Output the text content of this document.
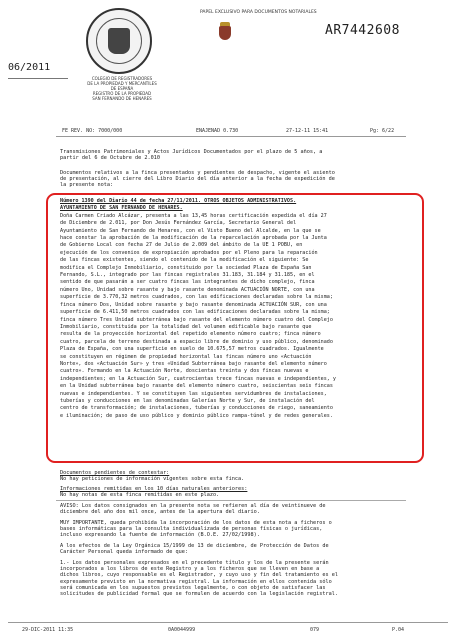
COLEGIO DE REGISTRADORES
DE LA PROPIEDAD Y MERCANTILES
DE ESPAÑA
REGISTRO DE LA PROPIEDAD
SAN FERNANDO DE HENARES
PAPEL EXCLUSIVO PARA DOCUMENTOS NOTARIALES
AR7442608
06/2011
FE REV. NO: 7000/000	ENAJENAD 0.730	27-12-11 15:41	Pg: 6/22
Transmisiones Patrimoniales y Actos Jurídicos Documentados por el plazo de 5 años, a
partir del 6 de Octubre de 2.010
Documentos relativos a la finca presentados y pendientes de despacho, vigente el asiento
de presentación, al cierre del Libro Diario del día anterior a la fecha de expedición de
la presente nota:
Número 1390 del Diario 44 de fecha 27/11/2011. OTROS OBJETOS ADMINISTRATIVOS.
AYUNTAMIENTO DE SAN FERNANDO DE HENARES.
Doña Carmen Criado Alcázar, presenta a las 13,45 horas certificación expedida el día 27
de Diciembre de 2.011, por Don Jesús Fernández García, Secretario General del
Ayuntamiento de San Fernando de Henares, con el Visto Bueno del Alcalde, en la que se
hace constar la aprobación de la modificación de la reparcelación aprobada por la Junta
de Gobierno Local con fecha 27 de Julio de 2.009 del ámbito de la UE 1 POBU, en
ejecución de los convenios de expropiación aprobados por el Pleno para la reparación
de las fincas existentes, siendo el contenido de la modificación el siguiente: Se
modifica el Complejo Inmobiliario, constituido por la sociedad Plaza de España San
Fernando, S.L., integrado por las fincas registrales 31.183, 31.184 y 31.185, en el
sentido de que pasarán a ser cuatro fincas las integrantes de dicho complejo, finca
número Uno, Unidad sobre rasante y bajo rasante denominada ACTUACIÓN NORTE, con una
superficie de 3.770,32 metros cuadrados, con las edificaciones declaradas sobre la misma;
finca número Dos, Unidad sobre rasante y bajo rasante denominada ACTUACIÓN SUR, con una
superficie de 6.411,50 metros cuadrados con las edificaciones declaradas sobre la misma;
finca número Tres Unidad subterránea bajo rasante del elemento número cuatro del Complejo
Inmobiliario, constituida por la totalidad del volumen edificable bajo rasante que
resulta de la proyección horizontal del repetido elemento número cuatro; finca número
cuatro, parcela de terreno destinada a espacio libre de dominio y uso público, denominado
Plaza de España, con una superficie en suelo de 10.675,57 metros cuadrados. Igualmente
se constituyen en régimen de propiedad horizontal las fincas número uno «Actuación
Norte», dos «Actuación Sur» y tres «Unidad Subterránea bajo rasante del elemento número
cuatro». Formando en la Actuación Norte, doscientas treinta y dos fincas nuevas e
independientes; en la Actuación Sur, cuatrocientas trece fincas nuevas e independientes, y
en la Unidad subterránea bajo rasante del elemento número cuatro, seiscientas seis fincas
nuevas e independientes. Y se constituyen las siguientes servidumbres de instalaciones,
tuberías y conducciones en las denominadas Galerías Norte y Sur, de instalación del
centro de transformación; de instalaciones, tuberías y conducciones de riego, saneamiento
e iluminación; de paso de uso público y dominio público rampa-túnel y de redes generales.
Documentos pendientes de contestar:
No hay peticiones de información vigentes sobre esta finca.
Informaciones remitidas en los 10 días naturales anteriores:
No hay notas de esta finca remitidas en este plazo.
AVISO: Los datos consignados en la presente nota se refieren al día de veintinueve de
diciembre del año dos mil once, antes de la apertura del diario.
MUY IMPORTANTE, queda prohibida la incorporación de los datos de esta nota a ficheros o
bases informáticas para la consulta individualizada de personas físicas o jurídicas,
incluso expresando la fuente de información (B.O.E. 27/02/1998).
A los efectos de la Ley Orgánica 15/1999 de 13 de diciembre, de Protección de Datos de
Carácter Personal queda informado de que:
1.- Los datos personales expresados en el precedente título y los de la presente serán
incorporados a los libros de este Registro y a los ficheros que se lleven en base a
dichos libros, cuyo responsable es el Registrador, y cuyo uso y fin del tratamiento es el
expresamente previsto en la normativa registral. La información en ellos contenida sólo
será comunicada en los supuestos previstos legalmente, o con objeto de satisfacer las
solicitudes de publicidad formal que se formulen de acuerdo con la legislación registral.
29-DIC-2011 11:35	0A0044999	079	P.04
